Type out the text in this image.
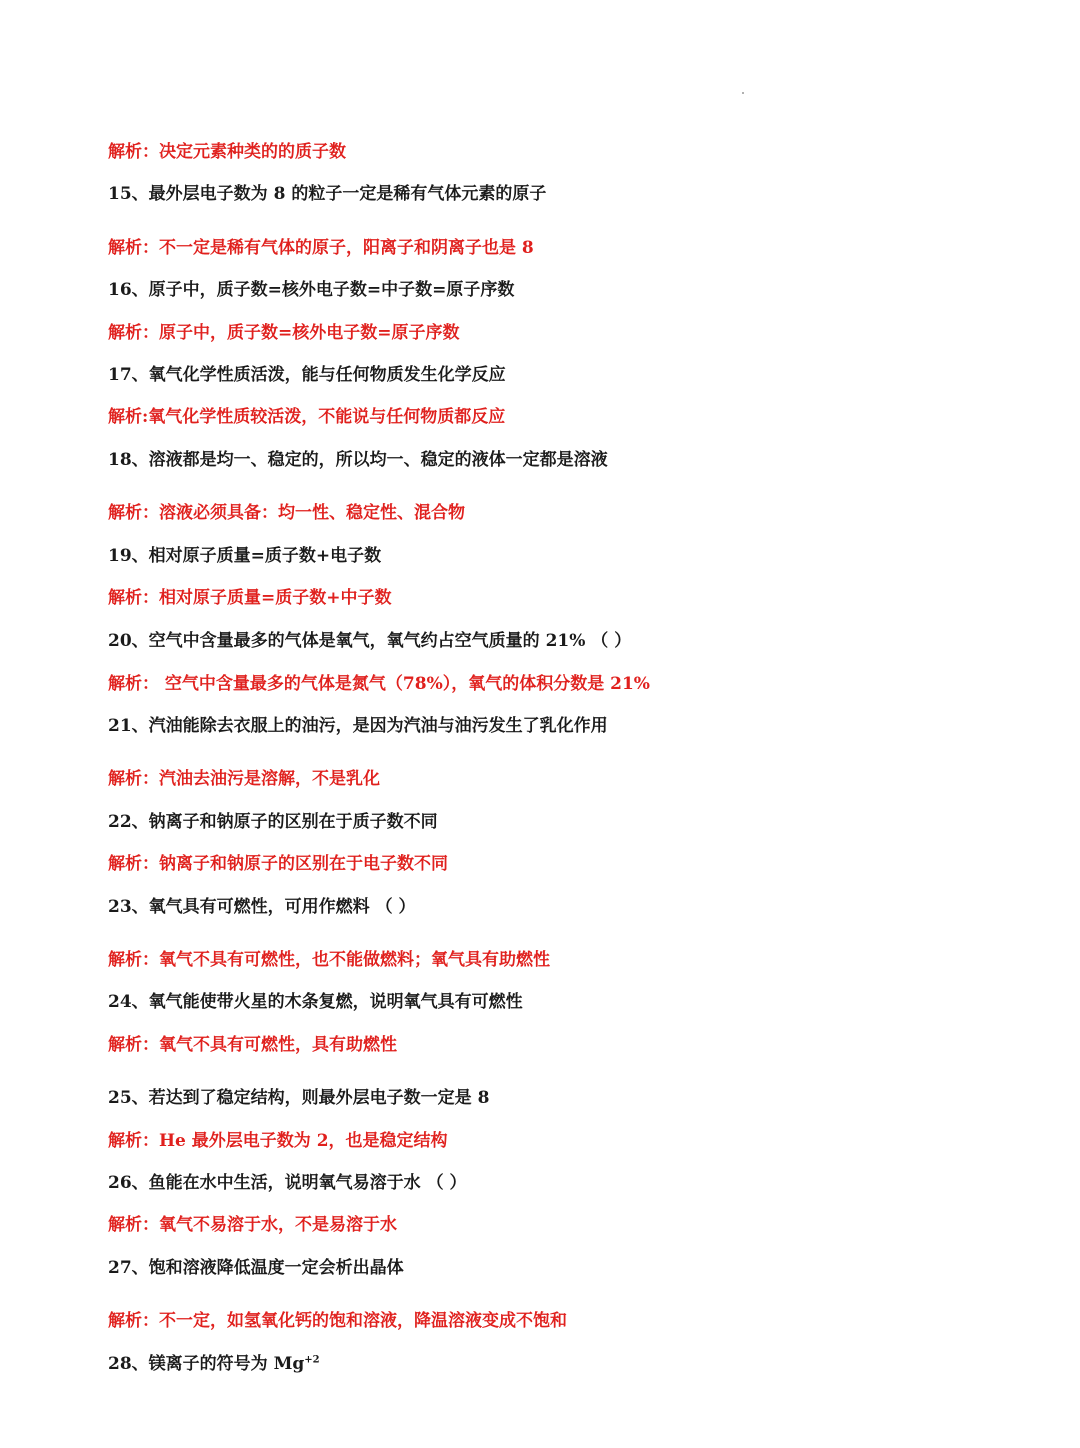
解析：决定元素种类的的质子数
15、最外层电子数为 8 的粒子一定是稀有气体元素的原子
解析：不一定是稀有气体的原子，阳离子和阴离子也是 8
16、原子中，质子数=核外电子数=中子数=原子序数
解析：原子中，质子数=核外电子数=原子序数
17、氧气化学性质活泼，能与任何物质发生化学反应
解析:氧气化学性质较活泼，不能说与任何物质都反应
18、溶液都是均一、稳定的，所以均一、稳定的液体一定都是溶液
解析：溶液必须具备：均一性、稳定性、混合物
19、相对原子质量=质子数+电子数
解析：相对原子质量=质子数+中子数
20、空气中含量最多的气体是氧气，氧气约占空气质量的 21% （ ）
解析： 空气中含量最多的气体是氮气（78%），氧气的体积分数是 21%
21、汽油能除去衣服上的油污，是因为汽油与油污发生了乳化作用
解析：汽油去油污是溶解，不是乳化
22、钠离子和钠原子的区别在于质子数不同
解析：钠离子和钠原子的区别在于电子数不同
23、氧气具有可燃性，可用作燃料 （ ）
解析：氧气不具有可燃性，也不能做燃料；氧气具有助燃性
24、氧气能使带火星的木条复燃，说明氧气具有可燃性
解析：氧气不具有可燃性，具有助燃性
25、若达到了稳定结构，则最外层电子数一定是 8
解析：He 最外层电子数为 2，也是稳定结构
26、鱼能在水中生活，说明氧气易溶于水 （ ）
解析：氧气不易溶于水，不是易溶于水
27、饱和溶液降低温度一定会析出晶体
解析：不一定，如氢氧化钙的饱和溶液，降温溶液变成不饱和
28、镁离子的符号为 $Mg^{+2}$
